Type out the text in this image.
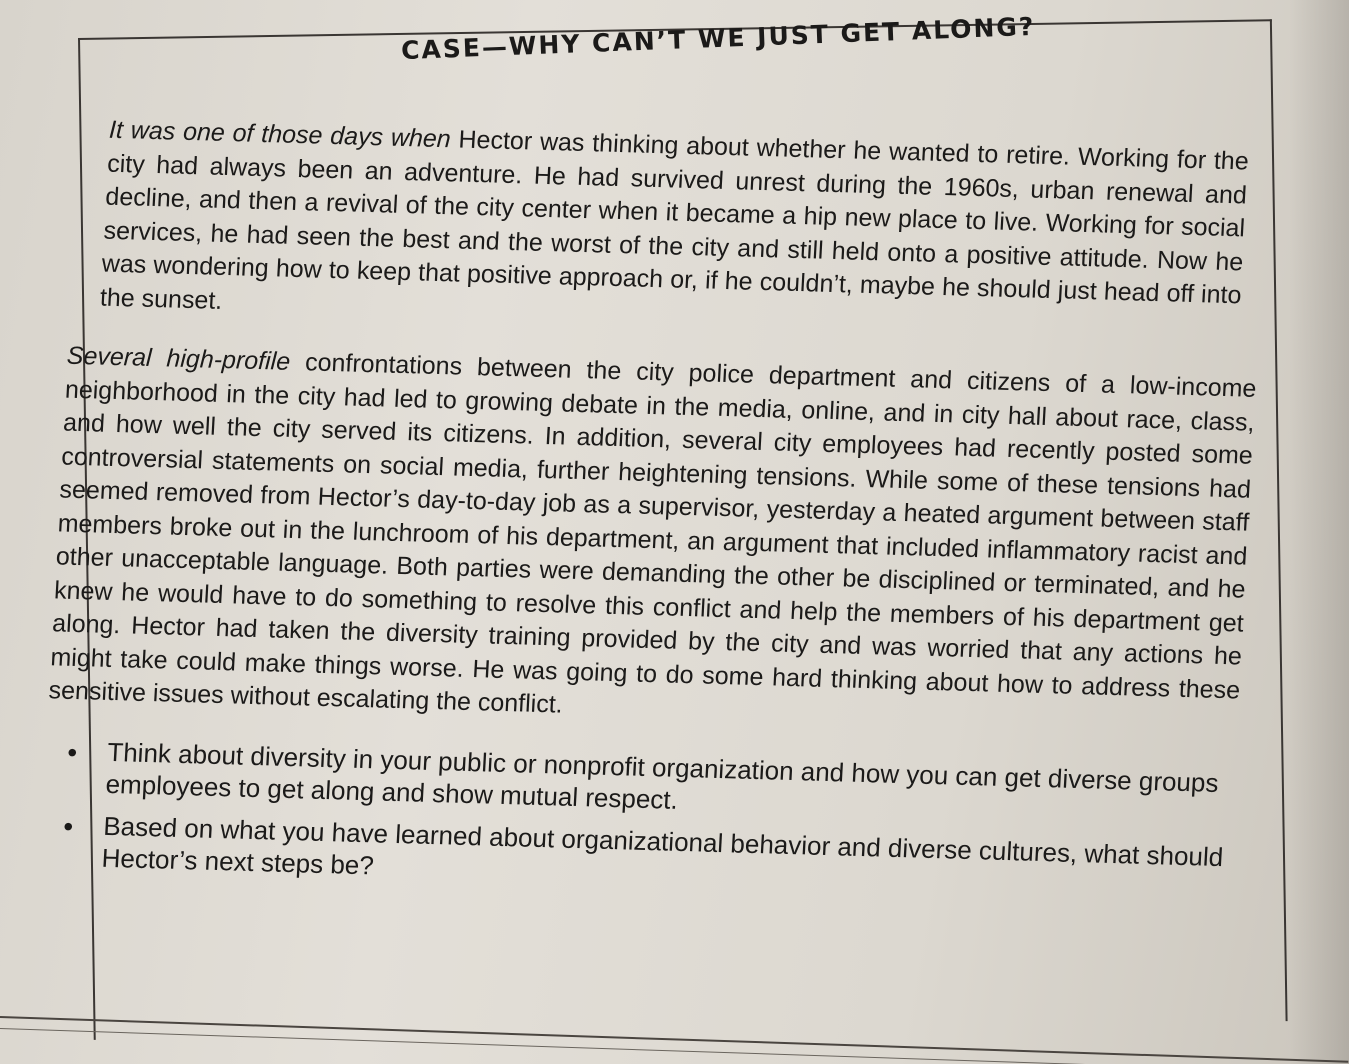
CASE—WHY CAN’T WE JUST GET ALONG?

It was one of those days when Hector was thinking about whether he wanted to retire. Working for the city had always been an adventure. He had survived unrest during the 1960s, urban renewal and decline, and then a revival of the city center when it became a hip new place to live. Working for social services, he had seen the best and the worst of the city and still held onto a positive attitude. Now he was wondering how to keep that positive approach or, if he couldn’t, maybe he should just head off into the sunset.

Several high-profile confrontations between the city police department and citizens of a low-income neighborhood in the city had led to growing debate in the media, online, and in city hall about race, class, and how well the city served its citizens. In addition, several city employees had recently posted some controversial statements on social media, further heightening tensions. While some of these tensions had seemed removed from Hector’s day-to-day job as a supervisor, yesterday a heated argument between staff members broke out in the lunchroom of his department, an argument that included inflammatory racist and other unacceptable language. Both parties were demanding the other be disciplined or terminated, and he knew he would have to do something to resolve this conflict and help the members of his department get along. Hector had taken the diversity training provided by the city and was worried that any actions he might take could make things worse. He was going to do some hard thinking about how to address these sensitive issues without escalating the conflict.

• Think about diversity in your public or nonprofit organization and how you can get diverse groups employees to get along and show mutual respect.
• Based on what you have learned about organizational behavior and diverse cultures, what should Hector’s next steps be?
